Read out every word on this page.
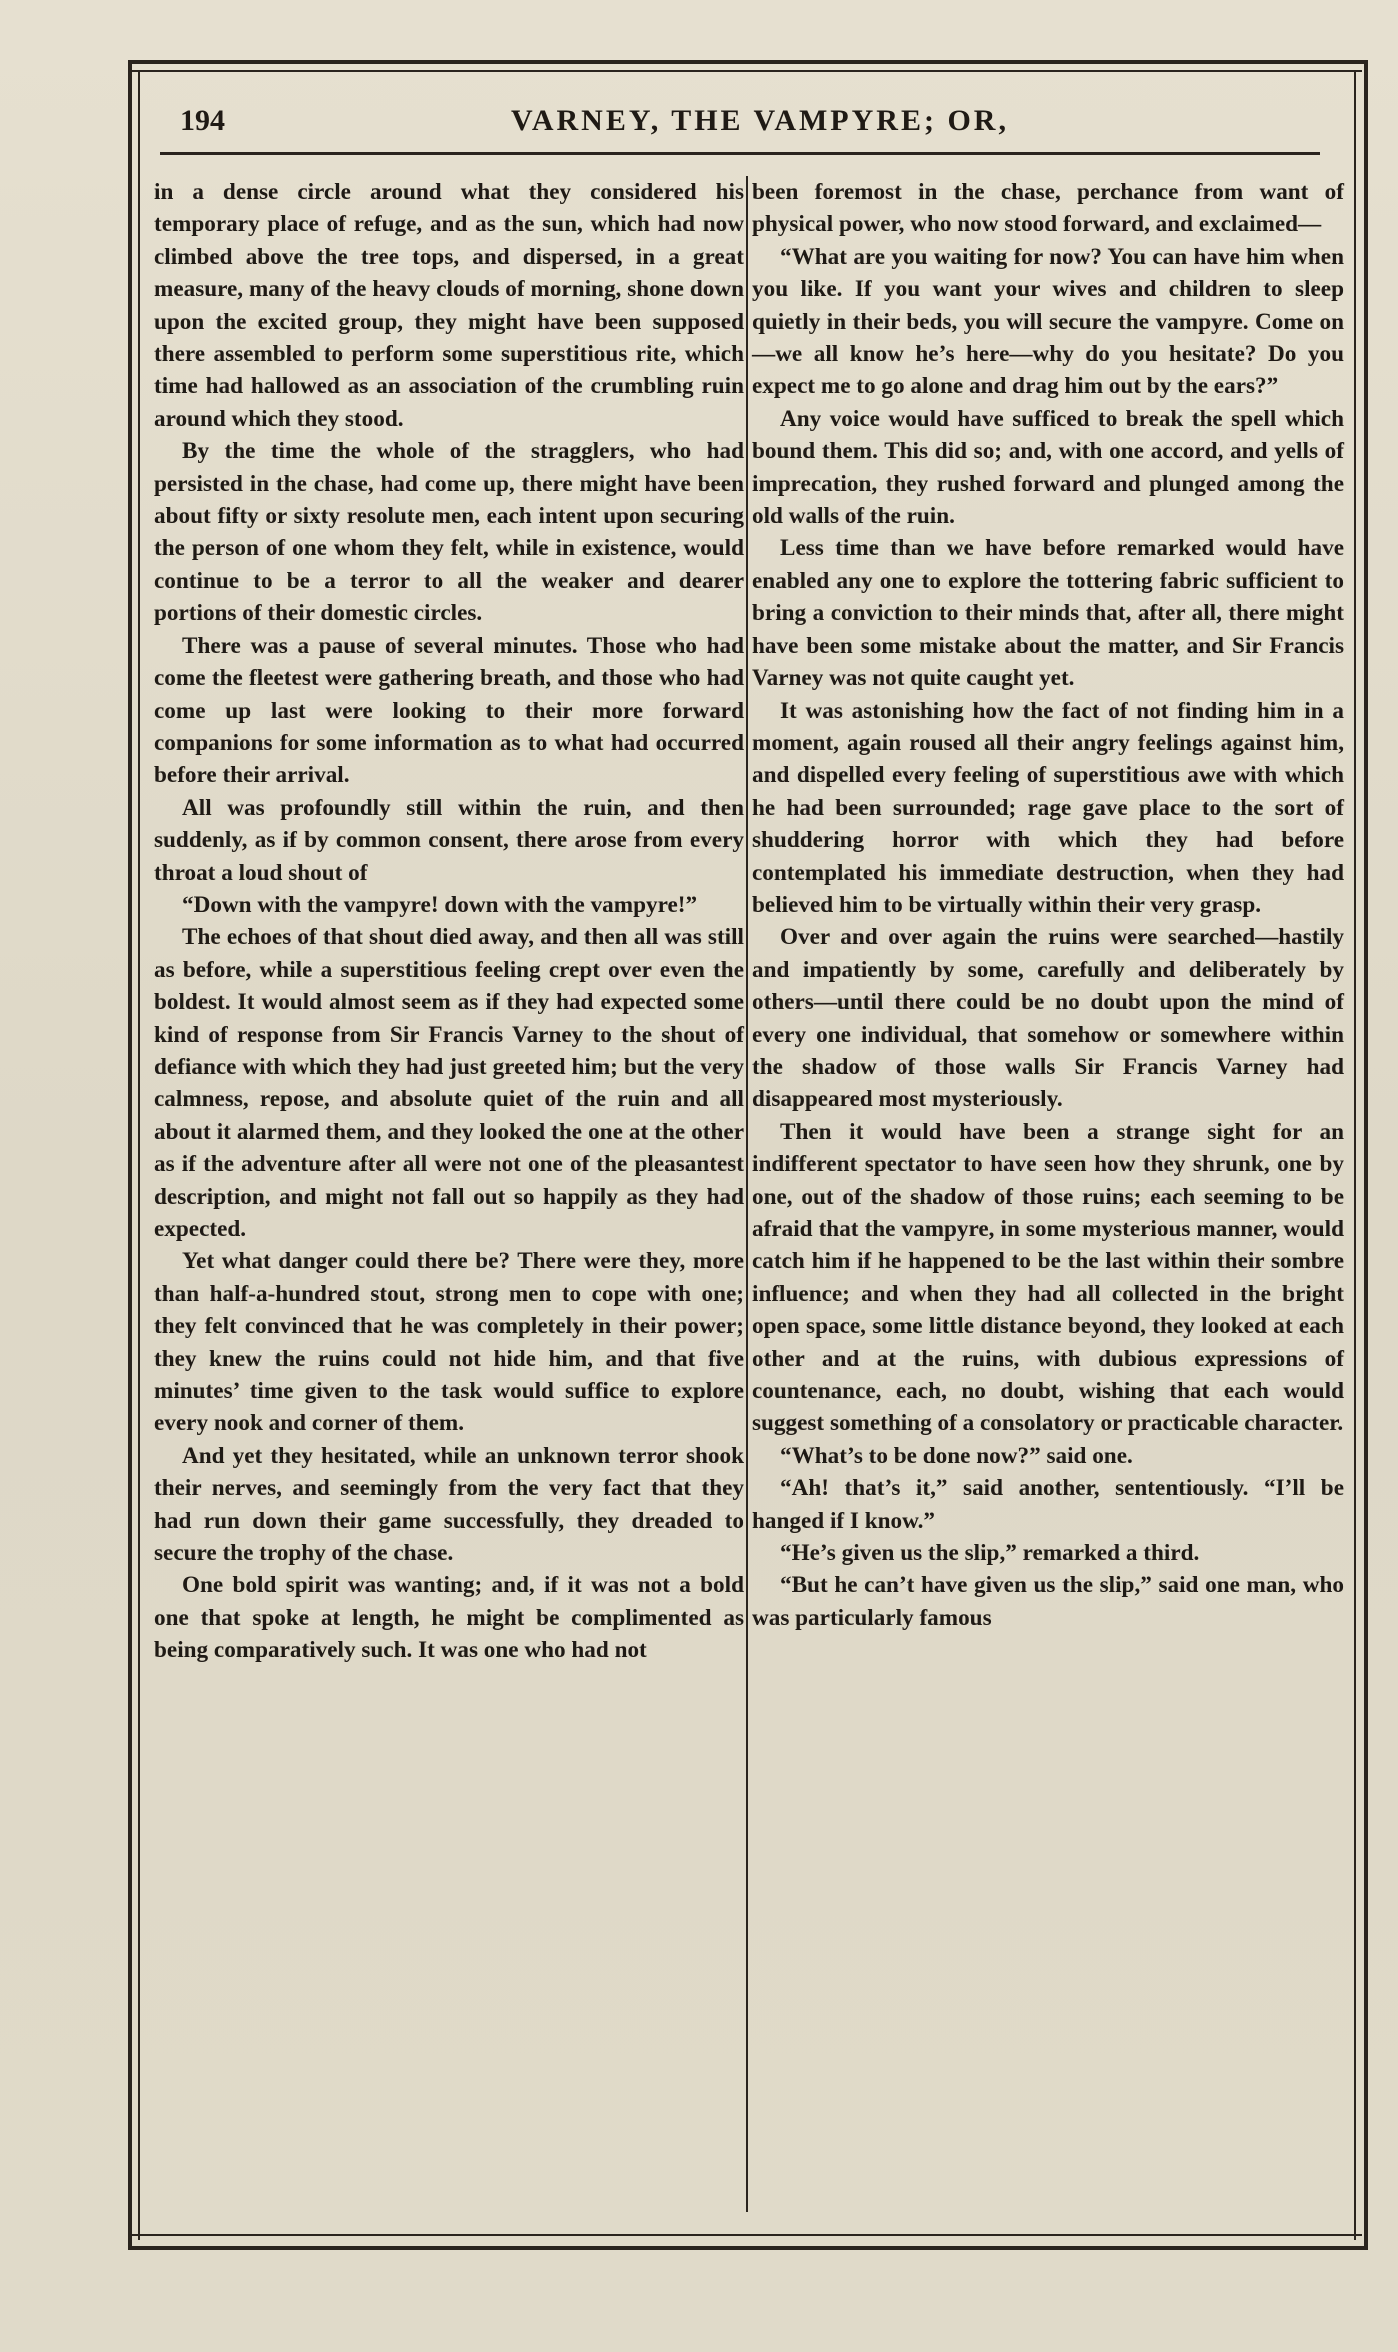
194	VARNEY, THE VAMPYRE; OR,

in a dense circle around what they considered his temporary place of refuge, and as the sun, which had now climbed above the tree tops, and dispersed, in a great measure, many of the heavy clouds of morning, shone down upon the excited group, they might have been supposed there assembled to perform some superstitious rite, which time had hallowed as an association of the crumbling ruin around which they stood.

By the time the whole of the stragglers, who had persisted in the chase, had come up, there might have been about fifty or sixty resolute men, each intent upon securing the person of one whom they felt, while in existence, would continue to be a terror to all the weaker and dearer portions of their domestic circles.

There was a pause of several minutes. Those who had come the fleetest were gathering breath, and those who had come up last were looking to their more forward companions for some information as to what had occurred before their arrival.

All was profoundly still within the ruin, and then suddenly, as if by common consent, there arose from every throat a loud shout of

“Down with the vampyre! down with the vampyre!”

The echoes of that shout died away, and then all was still as before, while a superstitious feeling crept over even the boldest. It would almost seem as if they had expected some kind of response from Sir Francis Varney to the shout of defiance with which they had just greeted him; but the very calmness, repose, and absolute quiet of the ruin and all about it alarmed them, and they looked the one at the other as if the adventure after all were not one of the pleasantest description, and might not fall out so happily as they had expected.

Yet what danger could there be? There were they, more than half-a-hundred stout, strong men to cope with one; they felt convinced that he was completely in their power; they knew the ruins could not hide him, and that five minutes’ time given to the task would suffice to explore every nook and corner of them.

And yet they hesitated, while an unknown terror shook their nerves, and seemingly from the very fact that they had run down their game successfully, they dreaded to secure the trophy of the chase.

One bold spirit was wanting; and, if it was not a bold one that spoke at length, he might be complimented as being comparatively such. It was one who had not

been foremost in the chase, perchance from want of physical power, who now stood forward, and exclaimed—

“What are you waiting for now? You can have him when you like. If you want your wives and children to sleep quietly in their beds, you will secure the vampyre. Come on—we all know he’s here—why do you hesitate? Do you expect me to go alone and drag him out by the ears?”

Any voice would have sufficed to break the spell which bound them. This did so; and, with one accord, and yells of imprecation, they rushed forward and plunged among the old walls of the ruin.

Less time than we have before remarked would have enabled any one to explore the tottering fabric sufficient to bring a conviction to their minds that, after all, there might have been some mistake about the matter, and Sir Francis Varney was not quite caught yet.

It was astonishing how the fact of not finding him in a moment, again roused all their angry feelings against him, and dispelled every feeling of superstitious awe with which he had been surrounded; rage gave place to the sort of shuddering horror with which they had before contemplated his immediate destruction, when they had believed him to be virtually within their very grasp.

Over and over again the ruins were searched—hastily and impatiently by some, carefully and deliberately by others—until there could be no doubt upon the mind of every one individual, that somehow or somewhere within the shadow of those walls Sir Francis Varney had disappeared most mysteriously.

Then it would have been a strange sight for an indifferent spectator to have seen how they shrunk, one by one, out of the shadow of those ruins; each seeming to be afraid that the vampyre, in some mysterious manner, would catch him if he happened to be the last within their sombre influence; and when they had all collected in the bright open space, some little distance beyond, they looked at each other and at the ruins, with dubious expressions of countenance, each, no doubt, wishing that each would suggest something of a consolatory or practicable character.

“What’s to be done now?” said one.

“Ah! that’s it,” said another, sententiously. “I’ll be hanged if I know.”

“He’s given us the slip,” remarked a third.

“But he can’t have given us the slip,” said one man, who was particularly famous
